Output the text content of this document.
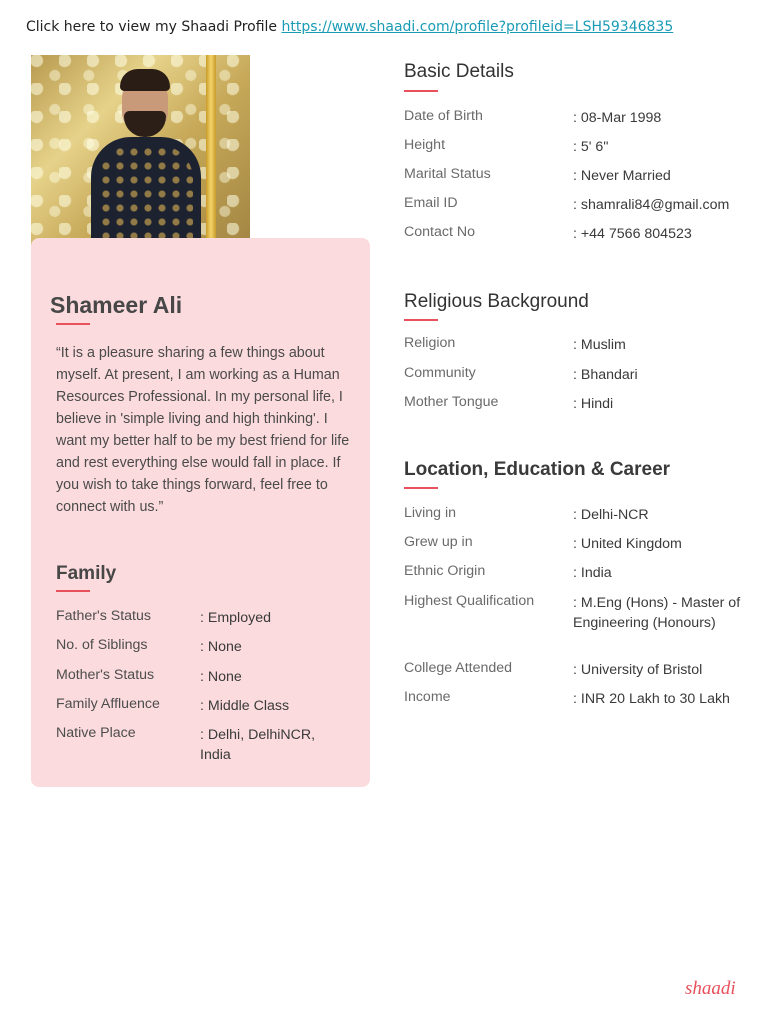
Click here to view my Shaadi Profile https://www.shaadi.com/profile?profileid=LSH59346835
Shameer Ali
“It is a pleasure sharing a few things about myself. At present, I am working as a Human Resources Professional. In my personal life, I believe in 'simple living and high thinking'. I want my better half to be my best friend for life and rest everything else would fall in place. If you wish to take things forward, feel free to connect with us.”
Family
Father's Status	: Employed
No. of Siblings	: None
Mother's Status	: None
Family Affluence	: Middle Class
Native Place	: Delhi, DelhiNCR, India
Basic Details
Date of Birth	: 08-Mar 1998
Height	: 5' 6"
Marital Status	: Never Married
Email ID	: shamrali84@gmail.com
Contact No	: +44 7566 804523
Religious Background
Religion	: Muslim
Community	: Bhandari
Mother Tongue	: Hindi
Location, Education & Career
Living in	: Delhi-NCR
Grew up in	: United Kingdom
Ethnic Origin	: India
Highest Qualification	: M.Eng (Hons) - Master of Engineering (Honours)
College Attended	: University of Bristol
Income	: INR 20 Lakh to 30 Lakh
shaadi
